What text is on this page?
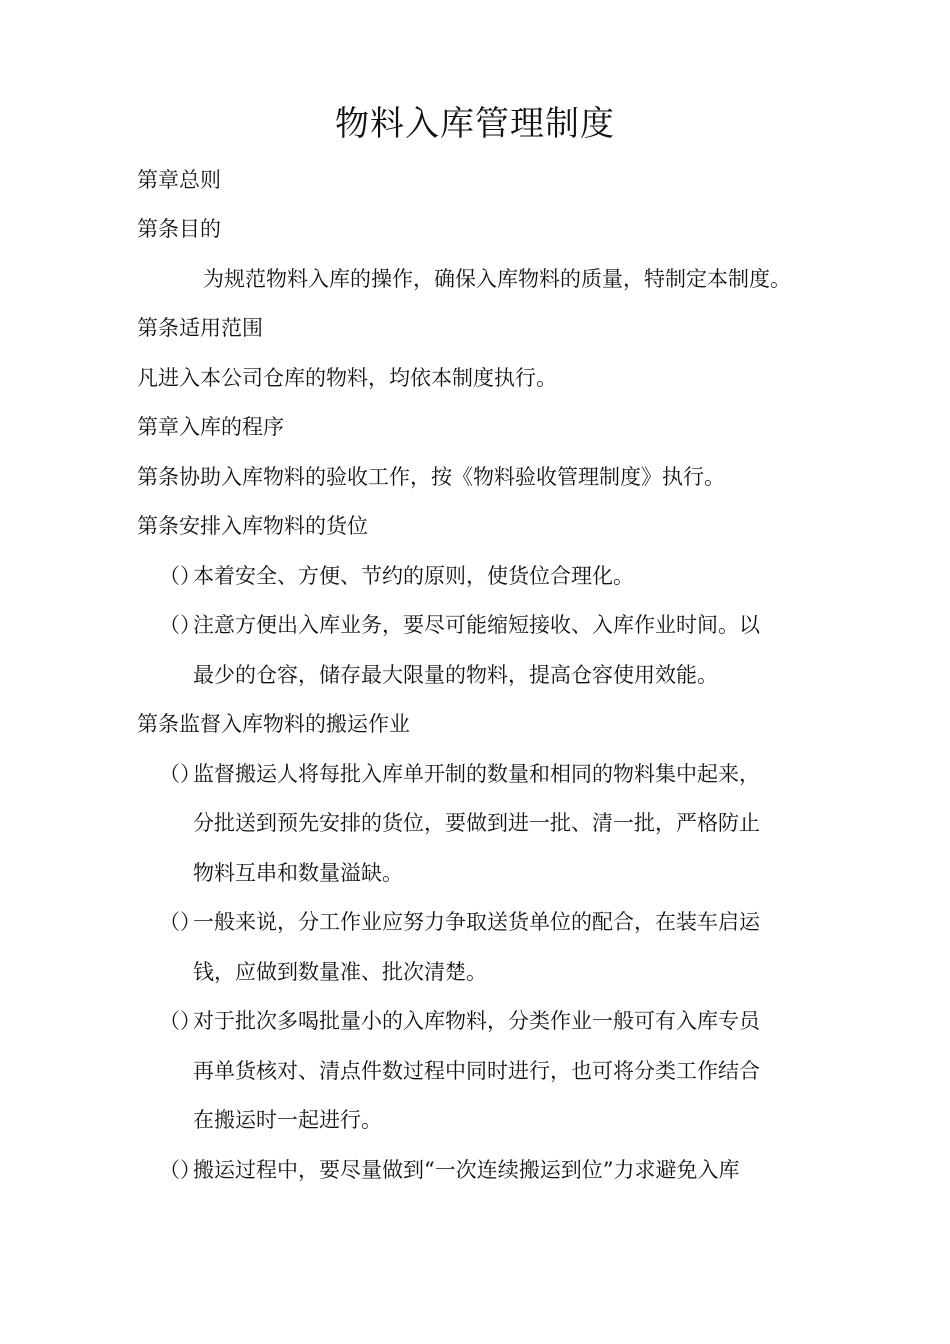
物料入库管理制度
第章总则
第条目的
为规范物料入库的操作，确保入库物料的质量，特制定本制度。
第条适用范围
凡进入本公司仓库的物料，均依本制度执行。
第章入库的程序
第条协助入库物料的验收工作，按《物料验收管理制度》执行。
第条安排入库物料的货位
（）本着安全、方便、节约的原则，使货位合理化。
（）注意方便出入库业务，要尽可能缩短接收、入库作业时间。以
最少的仓容，储存最大限量的物料，提高仓容使用效能。
第条监督入库物料的搬运作业
（）监督搬运人将每批入库单开制的数量和相同的物料集中起来，
分批送到预先安排的货位，要做到进一批、清一批，严格防止
物料互串和数量溢缺。
（）一般来说，分工作业应努力争取送货单位的配合，在装车启运
钱，应做到数量准、批次清楚。
（）对于批次多喝批量小的入库物料，分类作业一般可有入库专员
再单货核对、清点件数过程中同时进行，也可将分类工作结合
在搬运时一起进行。
（）搬运过程中，要尽量做到“一次连续搬运到位”力求避免入库
